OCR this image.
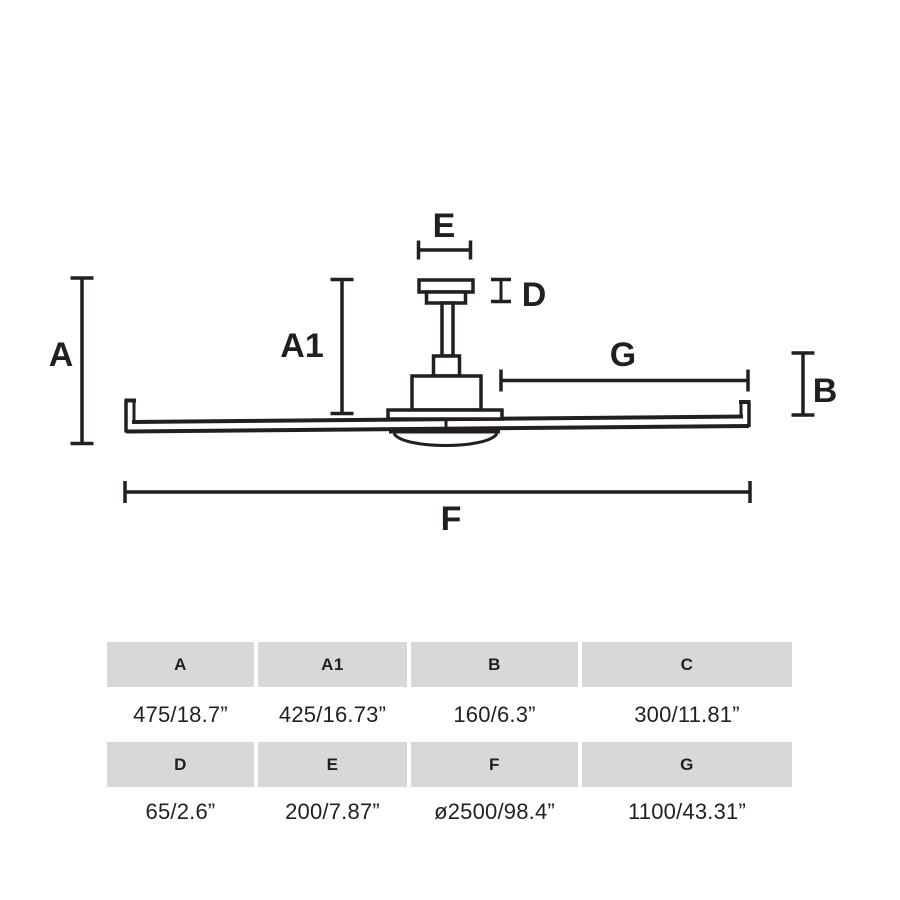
A	A1
E
D
G
B
F
A	A1	B	C
475/18.7”	425/16.73”	160/6.3”	300/11.81”
D	E	F	G
65/2.6”	200/7.87”	ø2500/98.4”	1100/43.31”
